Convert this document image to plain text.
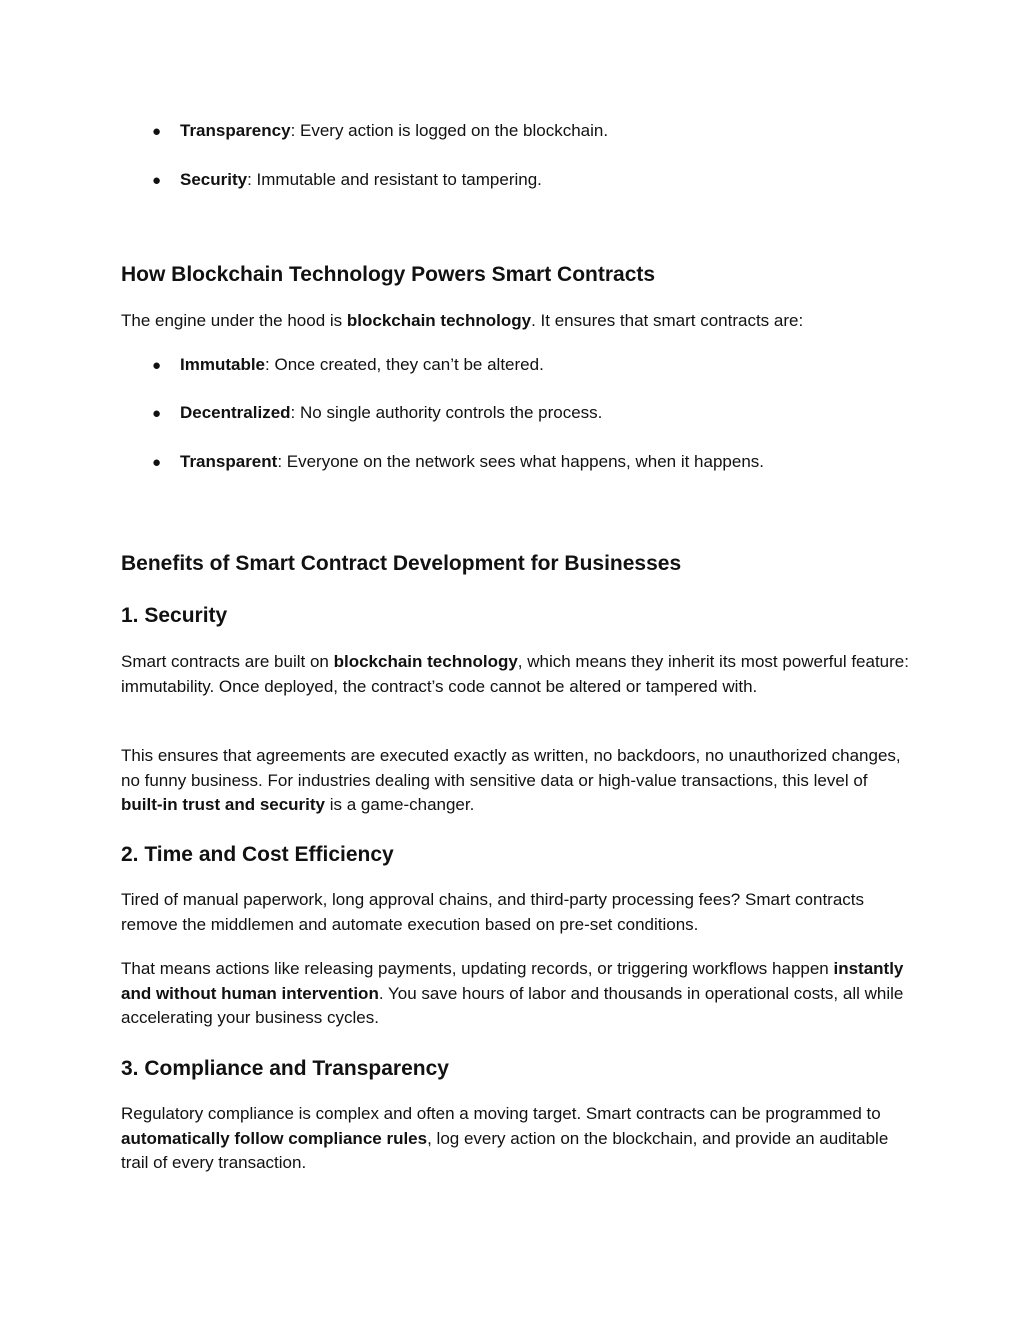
● Transparency: Every action is logged on the blockchain.
● Security: Immutable and resistant to tampering.
How Blockchain Technology Powers Smart Contracts
The engine under the hood is blockchain technology. It ensures that smart contracts are:
● Immutable: Once created, they can’t be altered.
● Decentralized: No single authority controls the process.
● Transparent: Everyone on the network sees what happens, when it happens.
Benefits of Smart Contract Development for Businesses
1. Security
Smart contracts are built on blockchain technology, which means they inherit its most powerful feature: immutability. Once deployed, the contract’s code cannot be altered or tampered with.
This ensures that agreements are executed exactly as written, no backdoors, no unauthorized changes, no funny business. For industries dealing with sensitive data or high-value transactions, this level of built-in trust and security is a game-changer.
2. Time and Cost Efficiency
Tired of manual paperwork, long approval chains, and third-party processing fees? Smart contracts remove the middlemen and automate execution based on pre-set conditions.
That means actions like releasing payments, updating records, or triggering workflows happen instantly and without human intervention. You save hours of labor and thousands in operational costs, all while accelerating your business cycles.
3. Compliance and Transparency
Regulatory compliance is complex and often a moving target. Smart contracts can be programmed to automatically follow compliance rules, log every action on the blockchain, and provide an auditable trail of every transaction.
